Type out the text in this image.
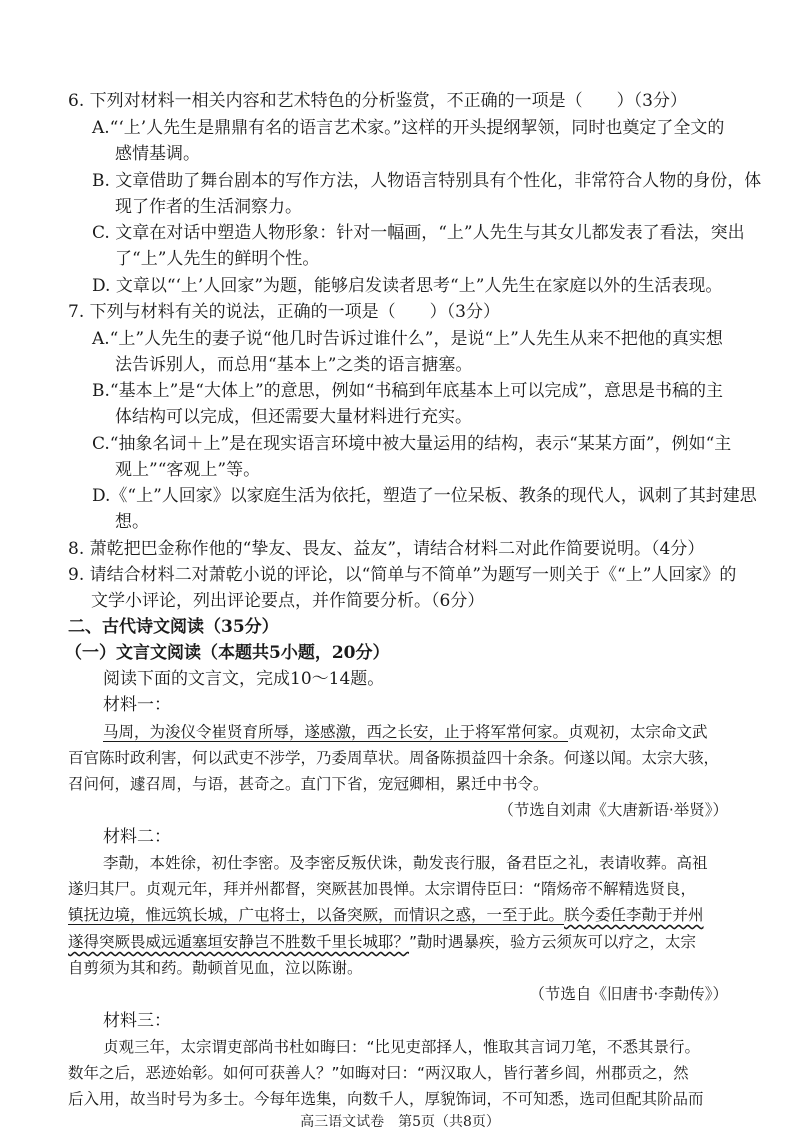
6. 下列对材料一相关内容和艺术特色的分析鉴赏，不正确的一项是（　　）（3分）

A.“‘上’人先生是鼎鼎有名的语言艺术家。”这样的开头提纲挈领，同时也奠定了全文的

感情基调。

B. 文章借助了舞台剧本的写作方法，人物语言特别具有个性化，非常符合人物的身份，体

现了作者的生活洞察力。

C. 文章在对话中塑造人物形象：针对一幅画，“上”人先生与其女儿都发表了看法，突出

了“上”人先生的鲜明个性。

D. 文章以“‘上’人回家”为题，能够启发读者思考“上”人先生在家庭以外的生活表现。

7. 下列与材料有关的说法，正确的一项是（　　）（3分）

A.“上”人先生的妻子说“他几时告诉过谁什么”，是说“上”人先生从来不把他的真实想

法告诉别人，而总用“基本上”之类的语言搪塞。

B.“基本上”是“大体上”的意思，例如“书稿到年底基本上可以完成”，意思是书稿的主

体结构可以完成，但还需要大量材料进行充实。

C.“抽象名词＋上”是在现实语言环境中被大量运用的结构，表示“某某方面”，例如“主

观上”“客观上”等。

D.《“上”人回家》以家庭生活为依托，塑造了一位呆板、教条的现代人，讽刺了其封建思

想。

8. 萧乾把巴金称作他的“挚友、畏友、益友”，请结合材料二对此作简要说明。（4分）

9. 请结合材料二对萧乾小说的评论，以“简单与不简单”为题写一则关于《“上”人回家》的

文学小评论，列出评论要点，并作简要分析。（6分）

二、古代诗文阅读（35分）

（一）文言文阅读（本题共5小题，20分）

阅读下面的文言文，完成10～14题。

材料一：

马周，为浚仪令崔贤育所辱，遂感激，西之长安，止于将军常何家。贞观初，太宗命文武

百官陈时政利害，何以武吏不涉学，乃委周草状。周备陈损益四十余条。何遂以闻。太宗大骇，

召问何，遽召周，与语，甚奇之。直门下省，宠冠卿相，累迁中书令。

（节选自刘肃《大唐新语·举贤》）

材料二：

李勣，本姓徐，初仕李密。及李密反叛伏诛，勣发丧行服，备君臣之礼，表请收葬。高祖

遂归其尸。贞观元年，拜并州都督，突厥甚加畏惮。太宗谓侍臣曰：“隋炀帝不解精选贤良，

镇抚边境，惟远筑长城，广屯将士，以备突厥，而情识之惑，一至于此。朕今委任李勣于并州

遂得突厥畏威远遁塞垣安静岂不胜数千里长城耶？”勣时遇暴疾，验方云须灰可以疗之，太宗

自剪须为其和药。勣顿首见血，泣以陈谢。

（节选自《旧唐书·李勣传》）

材料三：

贞观三年，太宗谓吏部尚书杜如晦曰：“比见吏部择人，惟取其言词刀笔，不悉其景行。

数年之后，恶迹始彰。如何可获善人？”如晦对曰：“两汉取人，皆行著乡闾，州郡贡之，然

后入用，故当时号为多士。今每年选集，向数千人，厚貌饰词，不可知悉，选司但配其阶品而

高三语文试卷　第5页（共8页）
